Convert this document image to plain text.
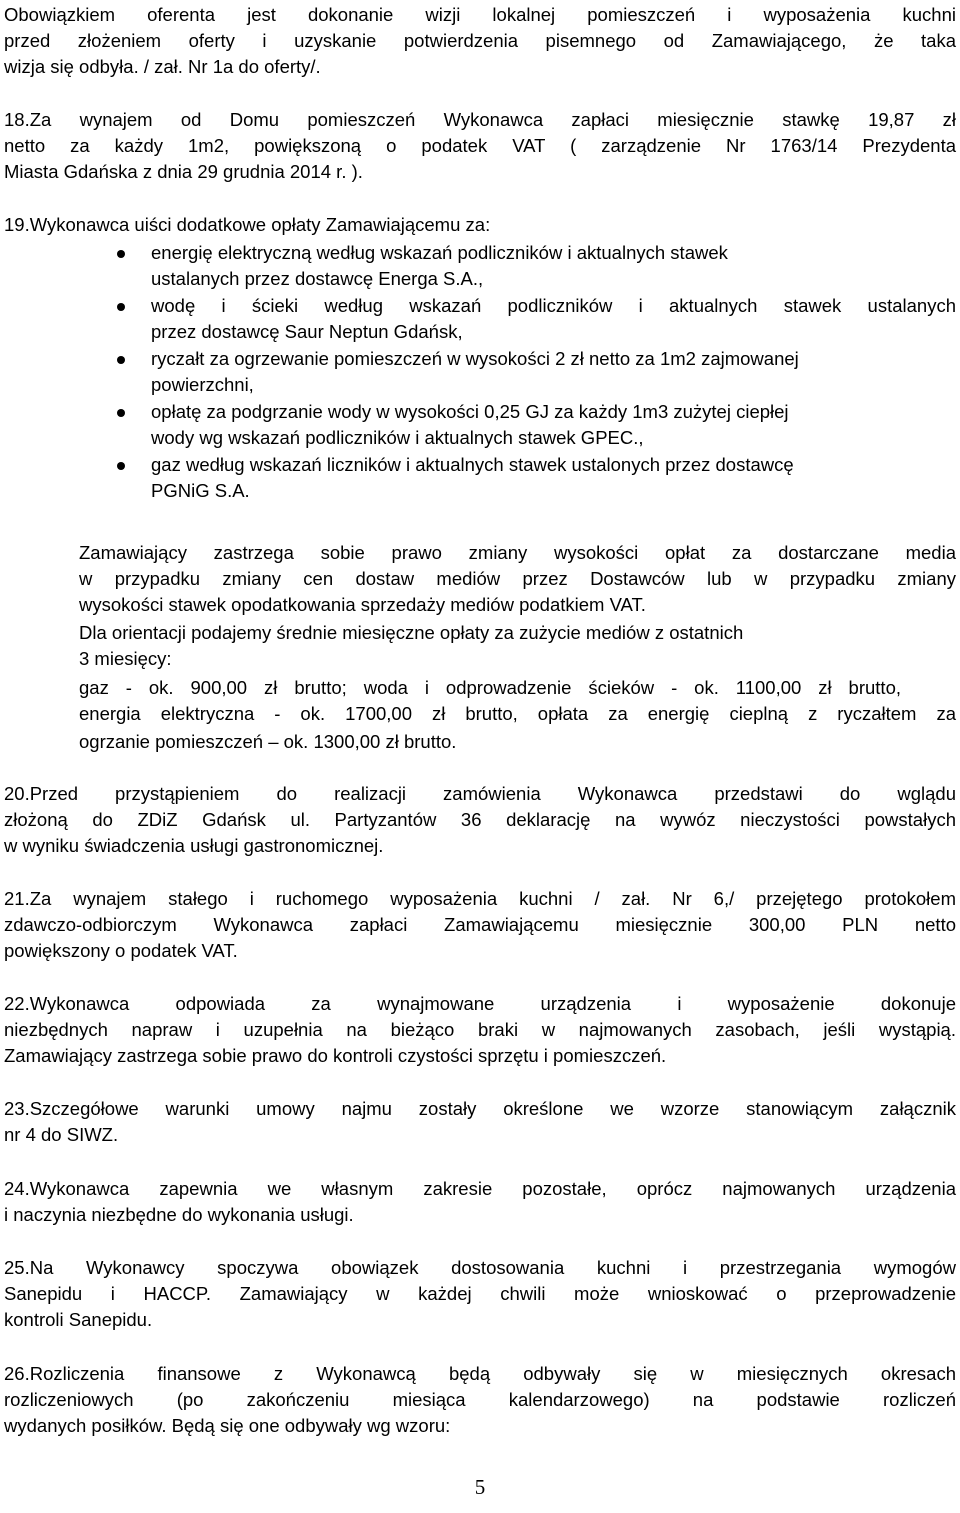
Obowiązkiem oferenta jest dokonanie wizji lokalnej pomieszczeń i wyposażenia kuchni
przed złożeniem oferty i uzyskanie potwierdzenia pisemnego od Zamawiającego, że taka
wizja się odbyła. / zał. Nr 1a do oferty/.
18.Za wynajem od Domu pomieszczeń Wykonawca zapłaci miesięcznie stawkę 19,87 zł
netto za każdy 1m2, powiększoną o podatek VAT ( zarządzenie Nr 1763/14 Prezydenta
Miasta Gdańska z dnia 29 grudnia 2014 r. ).
19.Wykonawca uiści dodatkowe opłaty Zamawiającemu za:
energię elektryczną według wskazań podliczników i aktualnych stawek
ustalanych przez dostawcę Energa S.A.,
wodę i ścieki według wskazań podliczników i aktualnych stawek ustalanych
przez dostawcę Saur Neptun Gdańsk,
ryczałt za ogrzewanie pomieszczeń w wysokości 2 zł netto za 1m2 zajmowanej
powierzchni,
opłatę za podgrzanie wody w wysokości 0,25 GJ za każdy 1m3 zużytej ciepłej
wody wg wskazań podliczników i aktualnych stawek GPEC.,
gaz według wskazań liczników i aktualnych stawek ustalonych przez dostawcę
PGNiG S.A.
Zamawiający zastrzega sobie prawo zmiany wysokości opłat za dostarczane media
w przypadku zmiany cen dostaw mediów przez Dostawców lub w przypadku zmiany
wysokości stawek opodatkowania sprzedaży mediów podatkiem VAT.
Dla orientacji podajemy średnie miesięczne opłaty za zużycie mediów z ostatnich
3 miesięcy:
gaz - ok. 900,00 zł brutto; woda i odprowadzenie ścieków - ok. 1100,00 zł brutto,
energia elektryczna - ok. 1700,00 zł brutto, opłata za energię cieplną z ryczałtem za
ogrzanie pomieszczeń – ok. 1300,00 zł brutto.
20.Przed przystąpieniem do realizacji zamówienia Wykonawca przedstawi do wglądu
złożoną do ZDiZ Gdańsk ul. Partyzantów 36 deklarację na wywóz nieczystości powstałych
w wyniku świadczenia usługi gastronomicznej.
21.Za wynajem stałego i ruchomego wyposażenia kuchni / zał. Nr 6,/ przejętego protokołem
zdawczo-odbiorczym Wykonawca zapłaci Zamawiającemu miesięcznie 300,00 PLN netto
powiększony o podatek VAT.
22.Wykonawca odpowiada za wynajmowane urządzenia i wyposażenie dokonuje
niezbędnych napraw i uzupełnia na bieżąco braki w najmowanych zasobach, jeśli wystąpią.
Zamawiający zastrzega sobie prawo do kontroli czystości sprzętu i pomieszczeń.
23.Szczegółowe warunki umowy najmu zostały określone we wzorze stanowiącym załącznik
nr 4 do SIWZ.
24.Wykonawca zapewnia we własnym zakresie pozostałe, oprócz najmowanych urządzenia
i naczynia niezbędne do wykonania usługi.
25.Na Wykonawcy spoczywa obowiązek dostosowania kuchni i przestrzegania wymogów
Sanepidu i HACCP. Zamawiający w każdej chwili może wnioskować o przeprowadzenie
kontroli Sanepidu.
26.Rozliczenia finansowe z Wykonawcą będą odbywały się w miesięcznych okresach
rozliczeniowych (po zakończeniu miesiąca kalendarzowego) na podstawie rozliczeń
wydanych posiłków. Będą się one odbywały wg wzoru:
5
